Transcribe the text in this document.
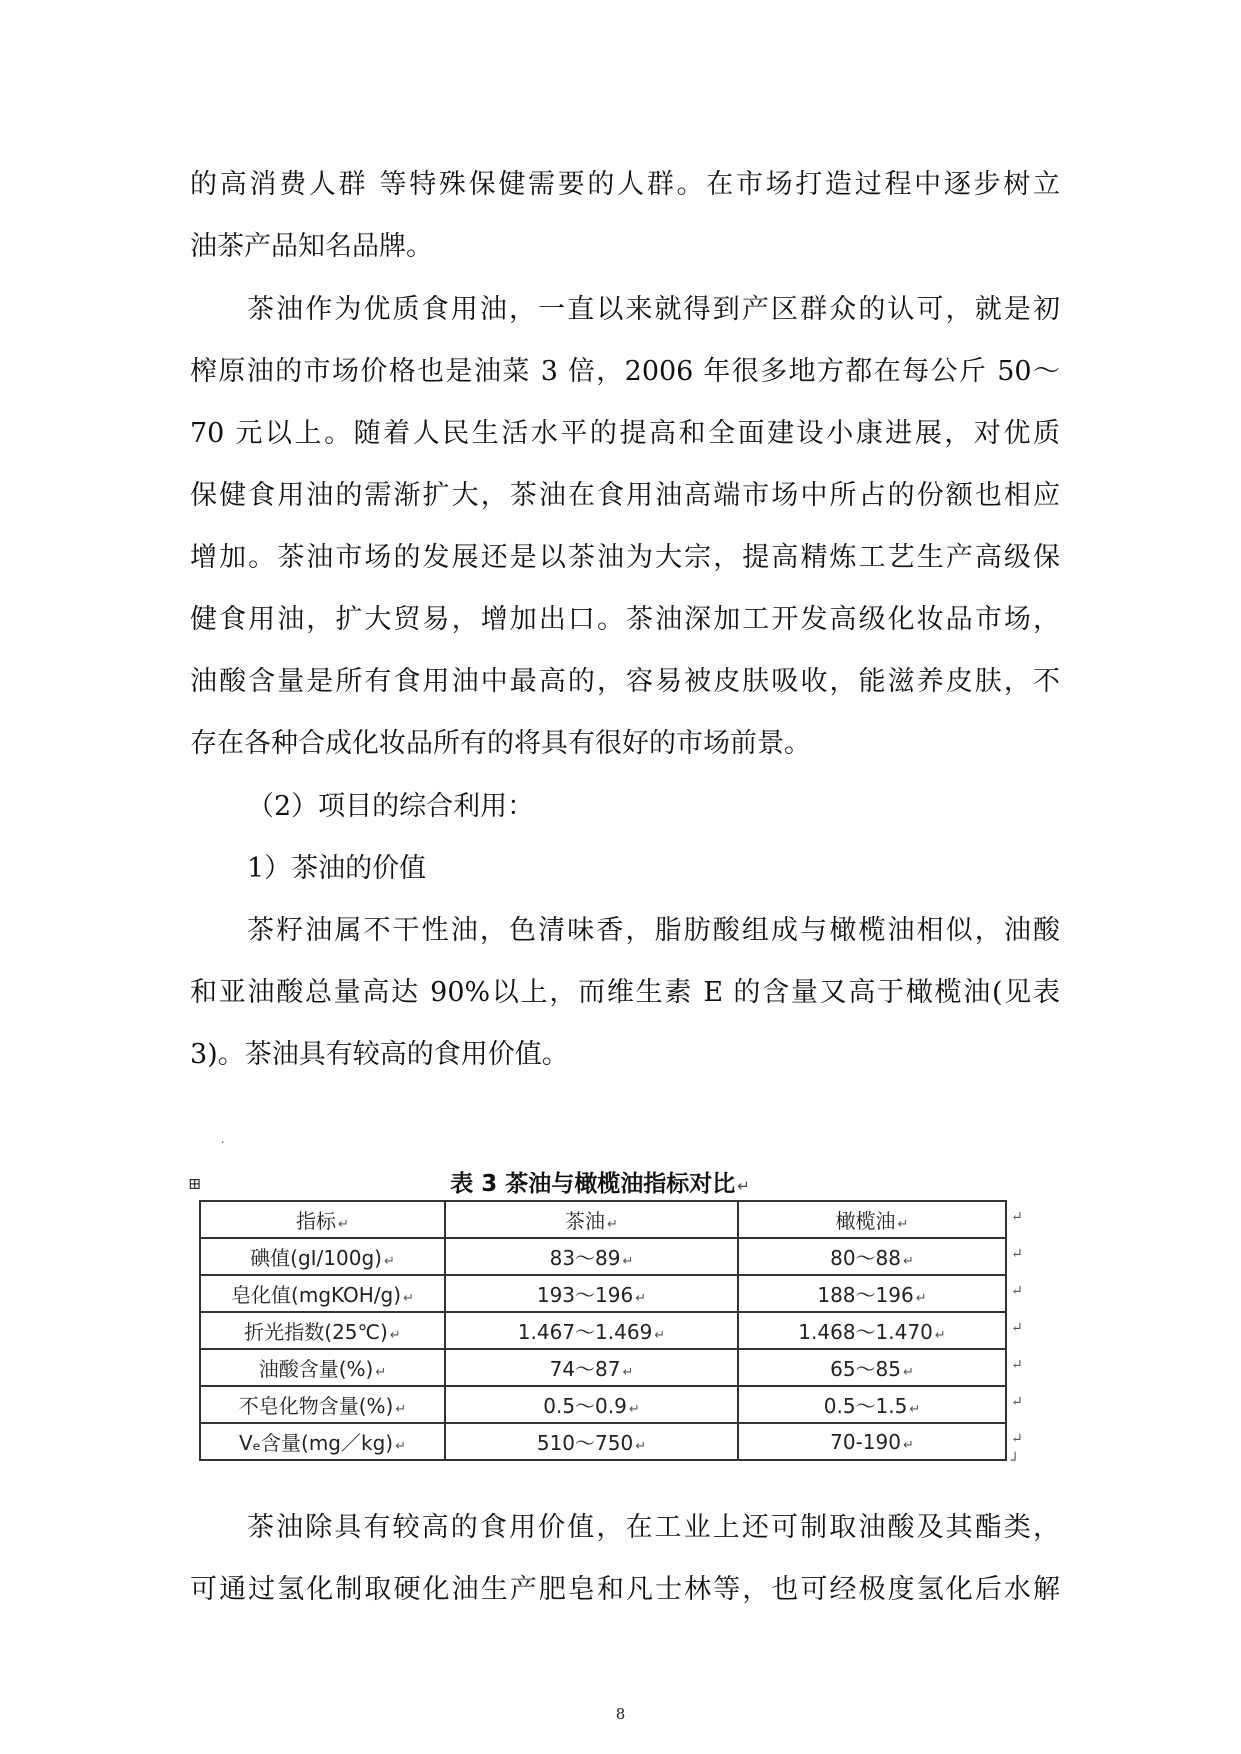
的高消费人群 等特殊保健需要的人群。在市场打造过程中逐步树立

油茶产品知名品牌。

茶油作为优质食用油，一直以来就得到产区群众的认可，就是初

榨原油的市场价格也是油菜 3 倍，2006 年很多地方都在每公斤 50～

70 元以上。随着人民生活水平的提高和全面建设小康进展，对优质

保健食用油的需渐扩大，茶油在食用油高端市场中所占的份额也相应

增加。茶油市场的发展还是以茶油为大宗，提高精炼工艺生产高级保

健食用油，扩大贸易，增加出口。茶油深加工开发高级化妆品市场，

油酸含量是所有食用油中最高的，容易被皮肤吸收，能滋养皮肤，不

存在各种合成化妆品所有的将具有很好的市场前景。

（2）项目的综合利用：

1）茶油的价值

茶籽油属不干性油，色清味香，脂肪酸组成与橄榄油相似，油酸

和亚油酸总量高达 90%以上，而维生素 E 的含量又高于橄榄油(见表

3)。茶油具有较高的食用价值。

˙
⊞	表 3 茶油与橄榄油指标对比 ↵
指标 ↵	茶油 ↵	橄榄油 ↵
碘值(gI/100g) ↵	83～89 ↵	80～88 ↵
皂化值(mgKOH/g) ↵	193～196 ↵	188～196 ↵
折光指数(25℃) ↵	1.467～1.469 ↵	1.468～1.470 ↵
油酸含量(%) ↵	74～87 ↵	65～85 ↵
不皂化物含量(%) ↵	0.5～0.9 ↵	0.5～1.5 ↵
Vₑ含量(mg／kg) ↵	510～750 ↵	70-190 ↵
↵
↵
↵
↵
↵
↵
↵
┘

茶油除具有较高的食用价值，在工业上还可制取油酸及其酯类，

可通过氢化制取硬化油生产肥皂和凡士林等，也可经极度氢化后水解

8
